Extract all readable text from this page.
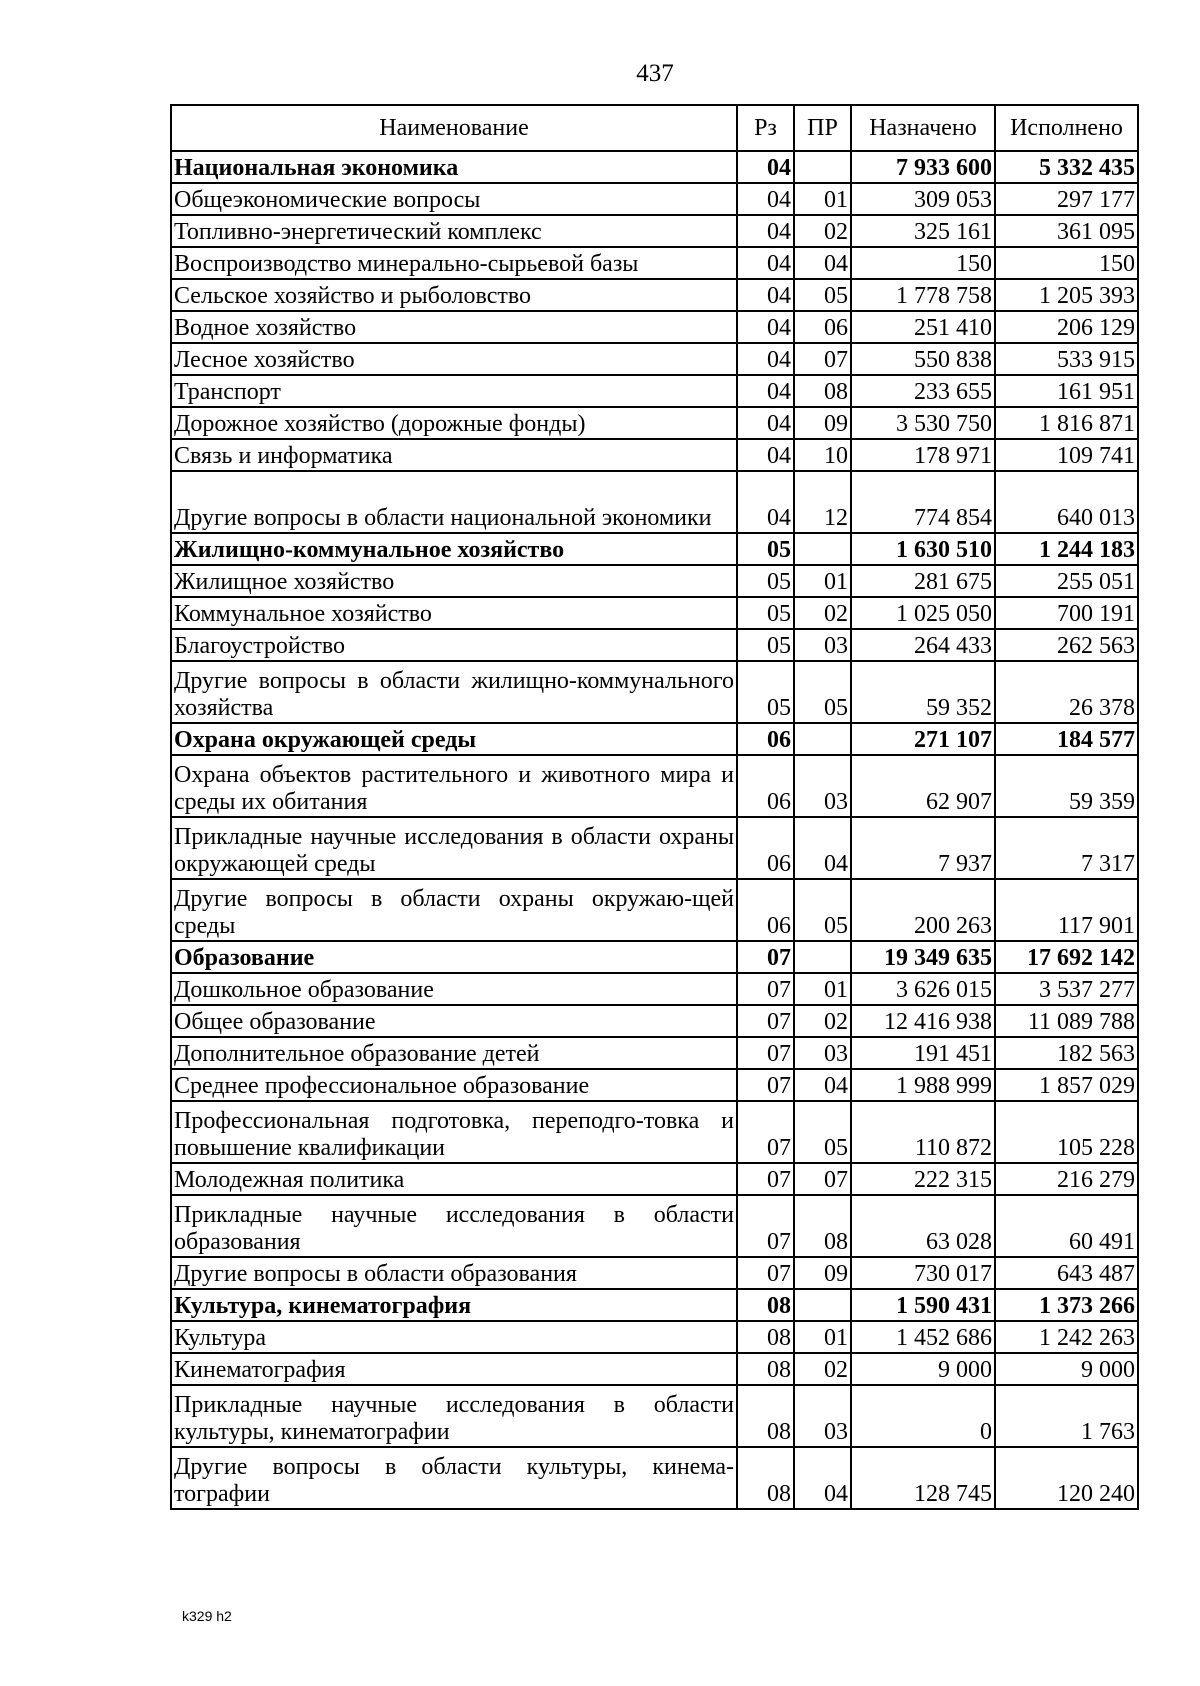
437
Наименование	Рз	ПР	Назначено	Исполнено
Национальная экономика	04		7 933 600	5 332 435
Общеэкономические вопросы	04	01	309 053	297 177
Топливно-энергетический комплекс	04	02	325 161	361 095
Воспроизводство минерально-сырьевой базы	04	04	150	150
Сельское хозяйство и рыболовство	04	05	1 778 758	1 205 393
Водное хозяйство	04	06	251 410	206 129
Лесное хозяйство	04	07	550 838	533 915
Транспорт	04	08	233 655	161 951
Дорожное хозяйство (дорожные фонды)	04	09	3 530 750	1 816 871
Связь и информатика	04	10	178 971	109 741
Другие вопросы в области национальной экономики	04	12	774 854	640 013
Жилищно-коммунальное хозяйство	05		1 630 510	1 244 183
Жилищное хозяйство	05	01	281 675	255 051
Коммунальное хозяйство	05	02	1 025 050	700 191
Благоустройство	05	03	264 433	262 563
Другие вопросы в области жилищно-коммунального хозяйства	05	05	59 352	26 378
Охрана окружающей среды	06		271 107	184 577
Охрана объектов растительного и животного мира и среды их обитания	06	03	62 907	59 359
Прикладные научные исследования в области охраны окружающей среды	06	04	7 937	7 317
Другие вопросы в области охраны окружаю-щей среды	06	05	200 263	117 901
Образование	07		19 349 635	17 692 142
Дошкольное образование	07	01	3 626 015	3 537 277
Общее образование	07	02	12 416 938	11 089 788
Дополнительное образование детей	07	03	191 451	182 563
Среднее профессиональное образование	07	04	1 988 999	1 857 029
Профессиональная подготовка, переподго-товка и повышение квалификации	07	05	110 872	105 228
Молодежная политика	07	07	222 315	216 279
Прикладные научные исследования в области образования	07	08	63 028	60 491
Другие вопросы в области образования	07	09	730 017	643 487
Культура, кинематография	08		1 590 431	1 373 266
Культура	08	01	1 452 686	1 242 263
Кинематография	08	02	9 000	9 000
Прикладные научные исследования в области культуры, кинематографии	08	03	0	1 763
Другие вопросы в области культуры, кинема-тографии	08	04	128 745	120 240
k329 h2
